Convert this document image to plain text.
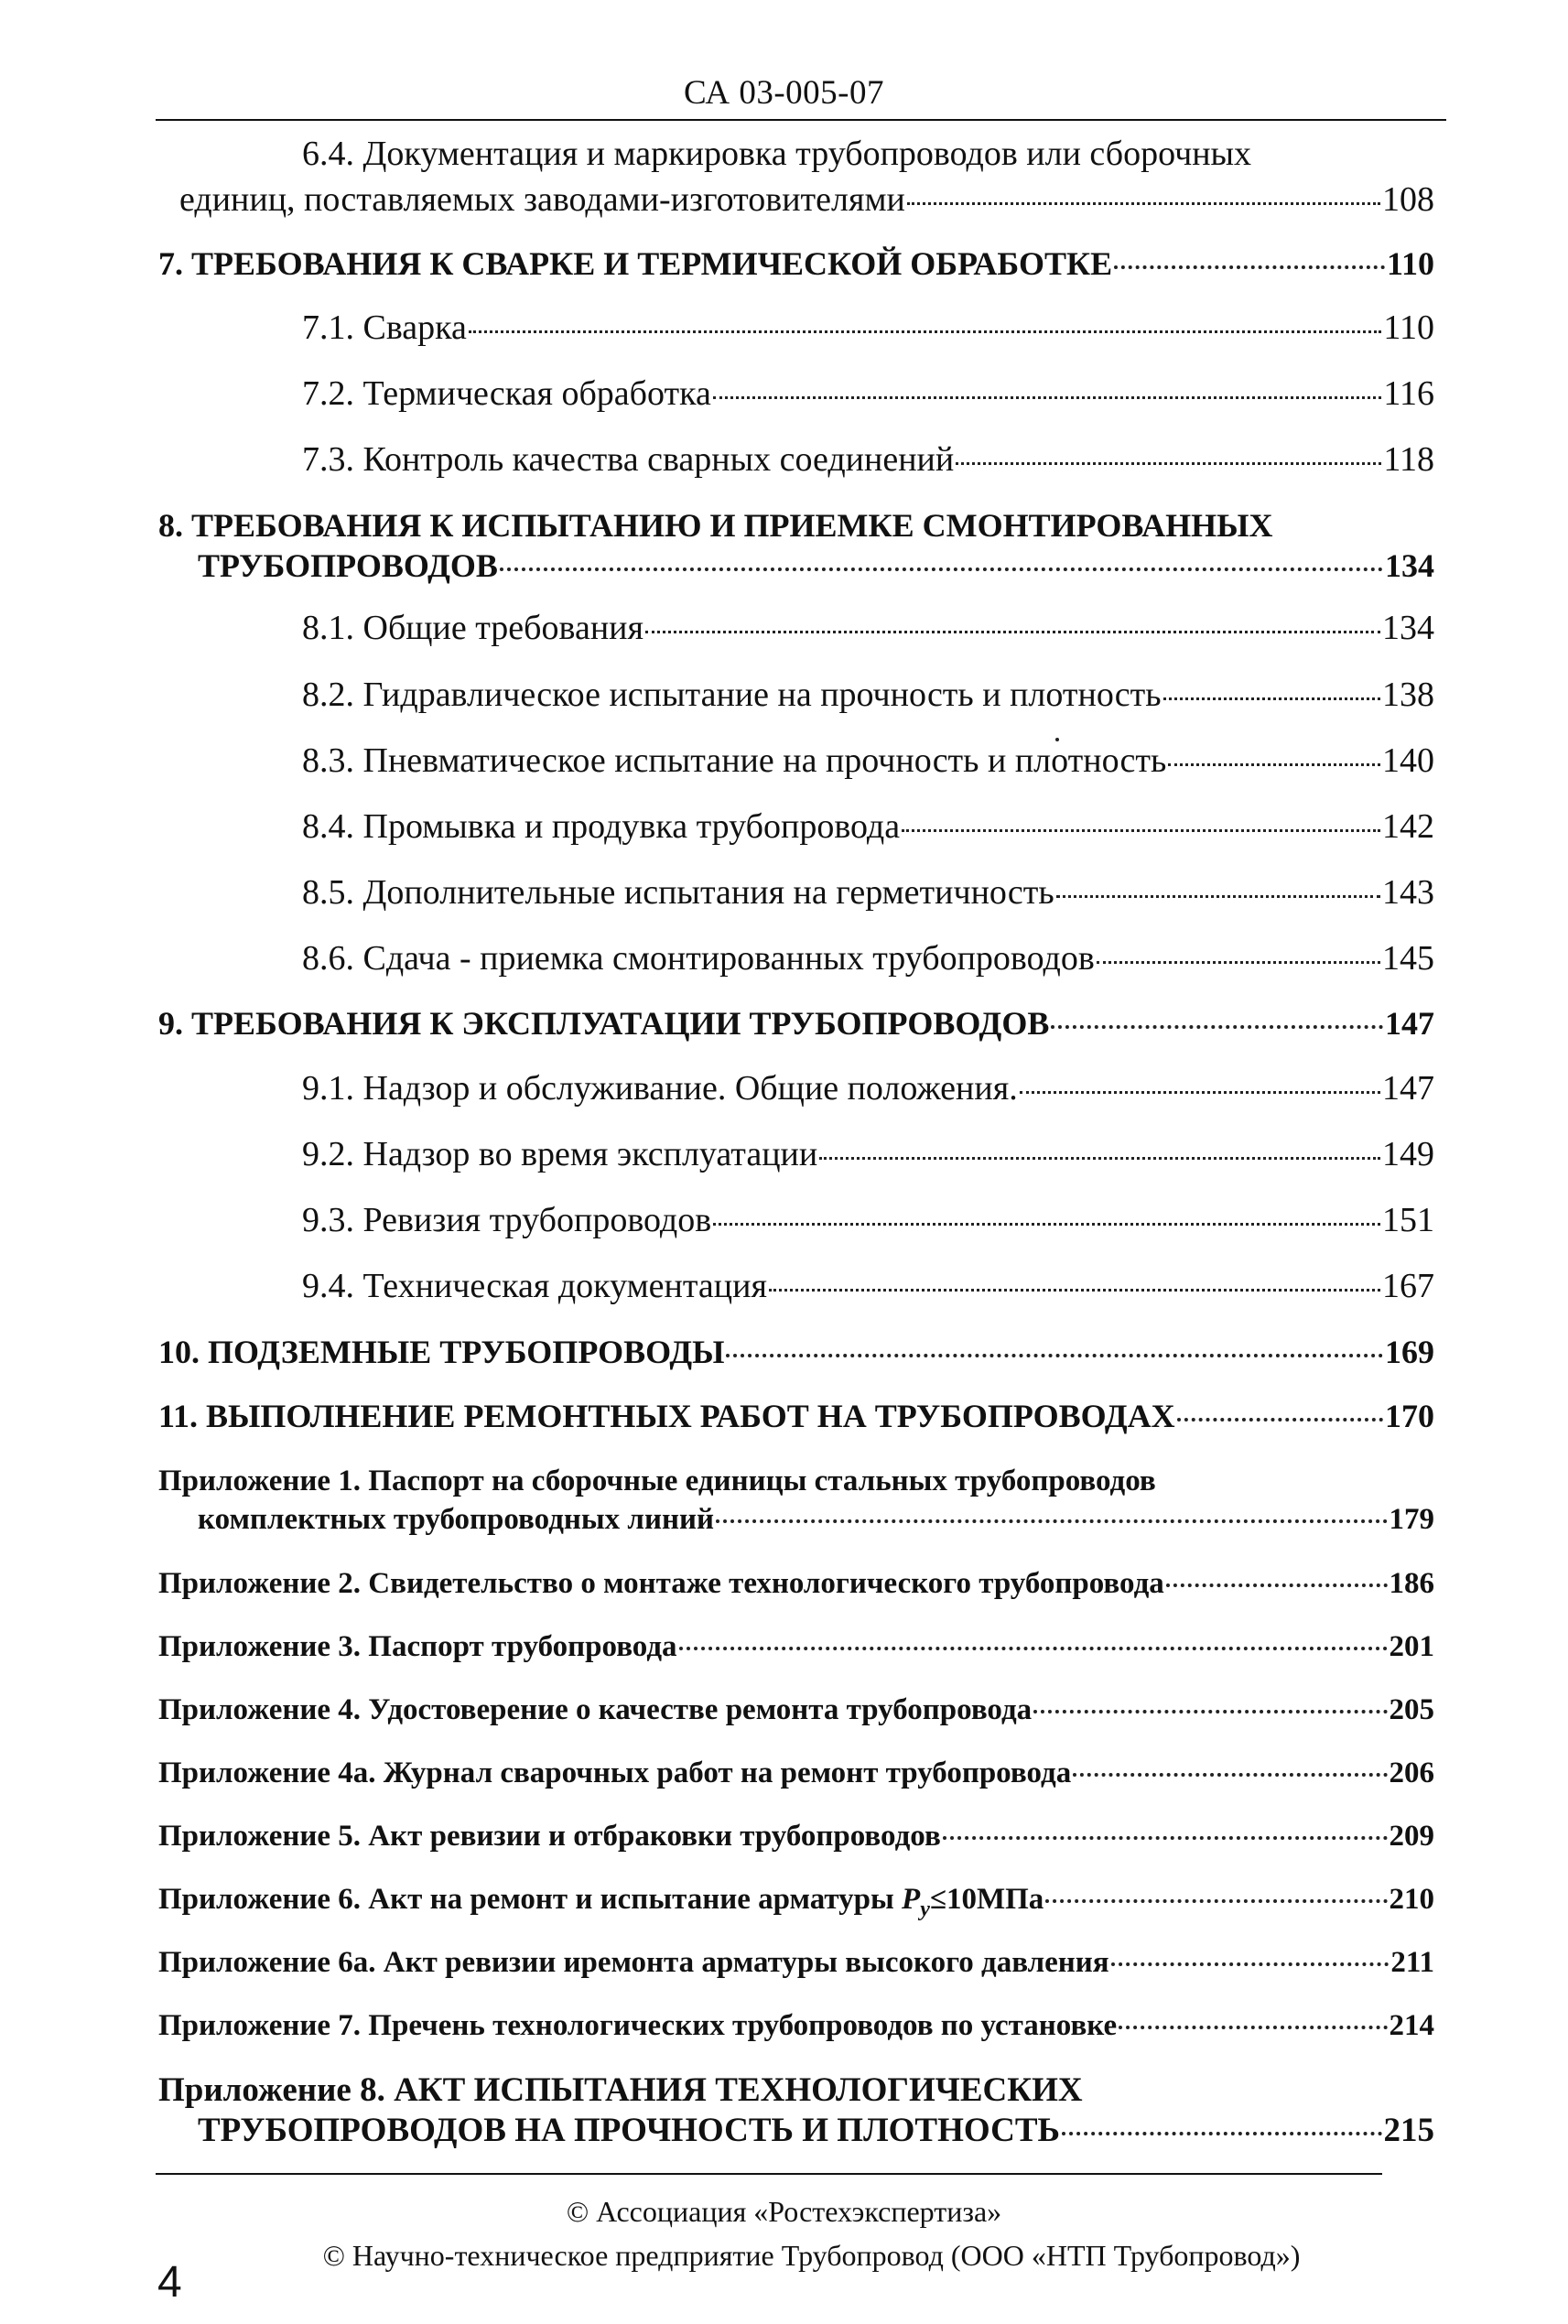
СА 03-005-07
6.4. Документация и маркировка трубопроводов или сборочных
единиц, поставляемых заводами-изготовителями	108
7. ТРЕБОВАНИЯ К СВАРКЕ И ТЕРМИЧЕСКОЙ ОБРАБОТКЕ	110
7.1. Сварка	110
7.2. Термическая обработка	116
7.3. Контроль качества сварных соединений	118
8. ТРЕБОВАНИЯ К ИСПЫТАНИЮ И ПРИЕМКЕ СМОНТИРОВАННЫХ
ТРУБОПРОВОДОВ	134
8.1. Общие требования	134
8.2. Гидравлическое испытание на прочность и плотность	138
8.3. Пневматическое испытание на прочность и плотность	140
8.4. Промывка и продувка трубопровода	142
8.5. Дополнительные испытания на герметичность	143
8.6. Сдача - приемка смонтированных трубопроводов	145
9. ТРЕБОВАНИЯ К ЭКСПЛУАТАЦИИ ТРУБОПРОВОДОВ	147
9.1. Надзор и обслуживание. Общие положения.	147
9.2. Надзор во время эксплуатации	149
9.3. Ревизия трубопроводов	151
9.4. Техническая документация	167
10. ПОДЗЕМНЫЕ ТРУБОПРОВОДЫ	169
11. ВЫПОЛНЕНИЕ РЕМОНТНЫХ РАБОТ НА ТРУБОПРОВОДАХ	170
Приложение 1. Паспорт на сборочные единицы стальных трубопроводов
комплектных трубопроводных линий	179
Приложение 2. Свидетельство о монтаже технологического трубопровода	186
Приложение 3. Паспорт трубопровода	201
Приложение 4. Удостоверение о качестве ремонта трубопровода	205
Приложение 4а. Журнал сварочных работ на ремонт трубопровода	206
Приложение 5. Акт ревизии и отбраковки трубопроводов	209
Приложение 6. Акт на ремонт и испытание арматуры $P_y\le 10МПа$	210
Приложение 6а. Акт ревизии иремонта арматуры высокого давления	211
Приложение 7. Пречень технологических трубопроводов по установке	214
Приложение 8. АКТ ИСПЫТАНИЯ ТЕХНОЛОГИЧЕСКИХ
ТРУБОПРОВОДОВ НА ПРОЧНОСТЬ И ПЛОТНОСТЬ	215
© Ассоциация «Ростехэкспертиза»
© Научно-техническое предприятие Трубопровод (ООО «НТП Трубопровод»)
4
